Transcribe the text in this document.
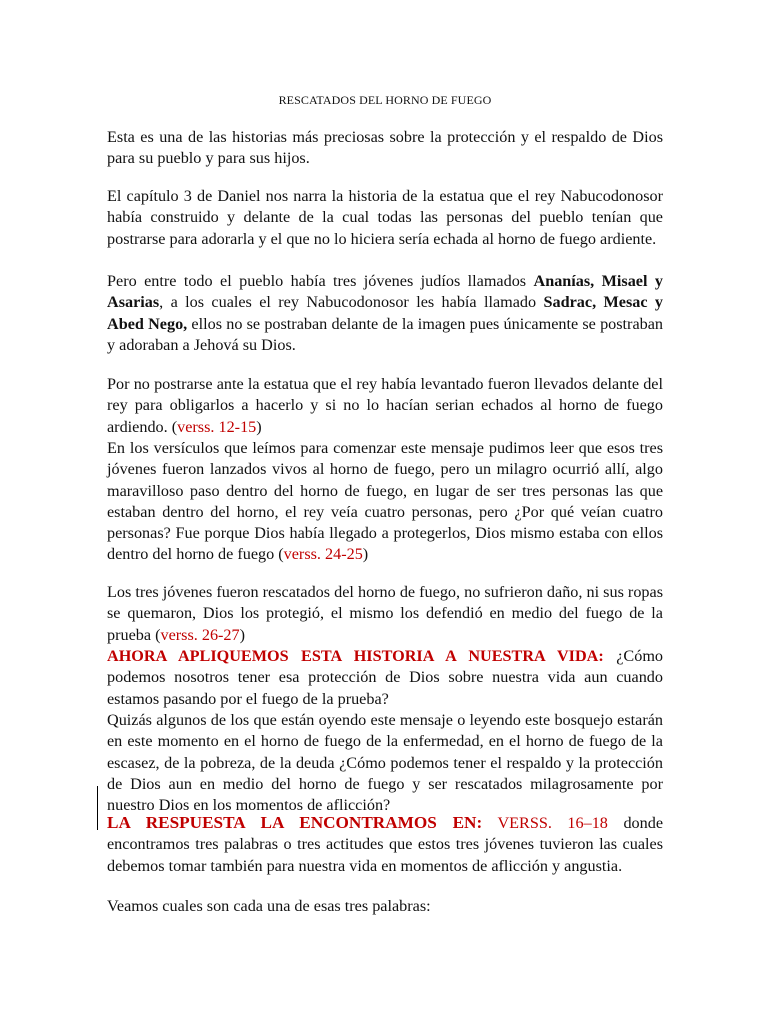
RESCATADOS DEL HORNO DE FUEGO
Esta es una de las historias más preciosas sobre la protección y el respaldo de Dios para su pueblo y para sus hijos.
El capítulo 3 de Daniel nos narra la historia de la estatua que el rey Nabucodonosor había construido y delante de la cual todas las personas del pueblo tenían que postrarse para adorarla y el que no lo hiciera sería echada al horno de fuego ardiente.
Pero entre todo el pueblo había tres jóvenes judíos llamados Ananías, Misael y Asarias, a los cuales el rey Nabucodonosor les había llamado Sadrac, Mesac y Abed Nego, ellos no se postraban delante de la imagen pues únicamente se postraban y adoraban a Jehová su Dios.
Por no postrarse ante la estatua que el rey había levantado fueron llevados delante del rey para obligarlos a hacerlo y si no lo hacían serian echados al horno de fuego ardiendo. (verss. 12-15)
En los versículos que leímos para comenzar este mensaje pudimos leer que esos tres jóvenes fueron lanzados vivos al horno de fuego, pero un milagro ocurrió allí, algo maravilloso paso dentro del horno de fuego, en lugar de ser tres personas las que estaban dentro del horno, el rey veía cuatro personas, pero ¿Por qué veían cuatro personas? Fue porque Dios había llegado a protegerlos, Dios mismo estaba con ellos dentro del horno de fuego (verss. 24-25)
Los tres jóvenes fueron rescatados del horno de fuego, no sufrieron daño, ni sus ropas se quemaron, Dios los protegió, el mismo los defendió en medio del fuego de la prueba (verss. 26-27)
AHORA APLIQUEMOS ESTA HISTORIA A NUESTRA VIDA: ¿Cómo podemos nosotros tener esa protección de Dios sobre nuestra vida aun cuando estamos pasando por el fuego de la prueba?
Quizás algunos de los que están oyendo este mensaje o leyendo este bosquejo estarán en este momento en el horno de fuego de la enfermedad, en el horno de fuego de la escasez, de la pobreza, de la deuda ¿Cómo podemos tener el respaldo y la protección de Dios aun en medio del horno de fuego y ser rescatados milagrosamente por nuestro Dios en los momentos de aflicción?
LA RESPUESTA LA ENCONTRAMOS EN: VERSS. 16–18 donde encontramos tres palabras o tres actitudes que estos tres jóvenes tuvieron las cuales debemos tomar también para nuestra vida en momentos de aflicción y angustia.
Veamos cuales son cada una de esas tres palabras:
